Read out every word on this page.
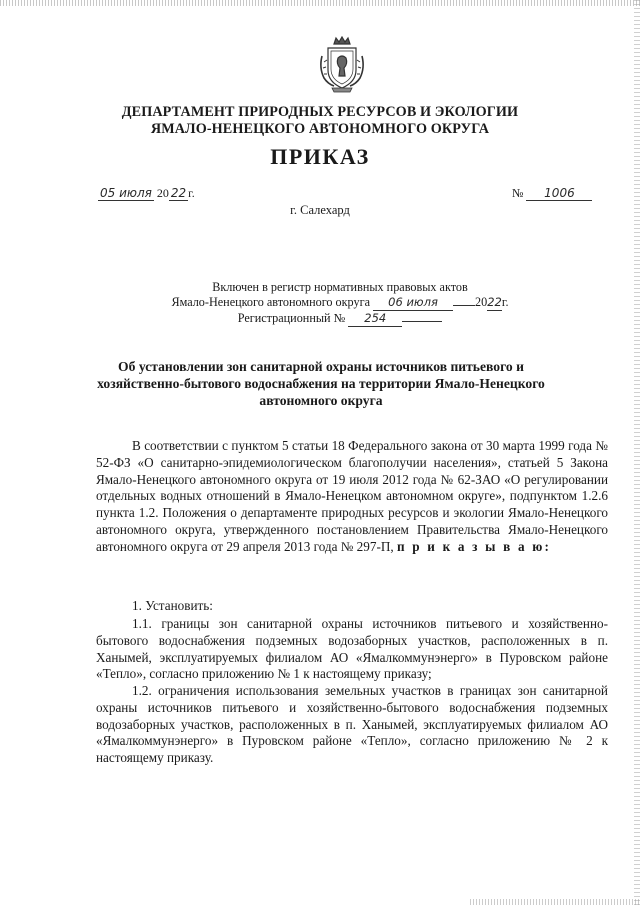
ДЕПАРТАМЕНТ ПРИРОДНЫХ РЕСУРСОВ И ЭКОЛОГИИ
ЯМАЛО-НЕНЕЦКОГО АВТОНОМНОГО ОКРУГА
ПРИКАЗ
05 июля 20 22 г.	№ 1006
г. Салехард
Включен в регистр нормативных правовых актов
Ямало-Ненецкого автономного округа 06 июля	2022г.
Регистрационный № 254
Об установлении зон санитарной охраны источников питьевого и хозяйственно-бытового водоснабжения на территории Ямало-Ненецкого автономного округа
В соответствии с пунктом 5 статьи 18 Федерального закона от 30 марта 1999 года № 52-ФЗ «О санитарно-эпидемиологическом благополучии населения», статьей 5 Закона Ямало-Ненецкого автономного округа от 19 июля 2012 года № 62-ЗАО «О регулировании отдельных водных отношений в Ямало-Ненецком автономном округе», подпунктом 1.2.6 пункта 1.2. Положения о департаменте природных ресурсов и экологии Ямало-Ненецкого автономного округа, утвержденного постановлением Правительства Ямало-Ненецкого автономного округа от 29 апреля 2013 года № 297-П, п р и к а з ы в а ю:
1. Установить:
1.1. границы зон санитарной охраны источников питьевого и хозяйственно-бытового водоснабжения подземных водозаборных участков, расположенных в п. Ханымей, эксплуатируемых филиалом АО «Ямалкоммунэнерго» в Пуровском районе «Тепло», согласно приложению № 1 к настоящему приказу;
1.2. ограничения использования земельных участков в границах зон санитарной охраны источников питьевого и хозяйственно-бытового водоснабжения подземных водозаборных участков, расположенных в п. Ханымей, эксплуатируемых филиалом АО «Ямалкоммунэнерго» в Пуровском районе «Тепло», согласно приложению № 2 к настоящему приказу.
